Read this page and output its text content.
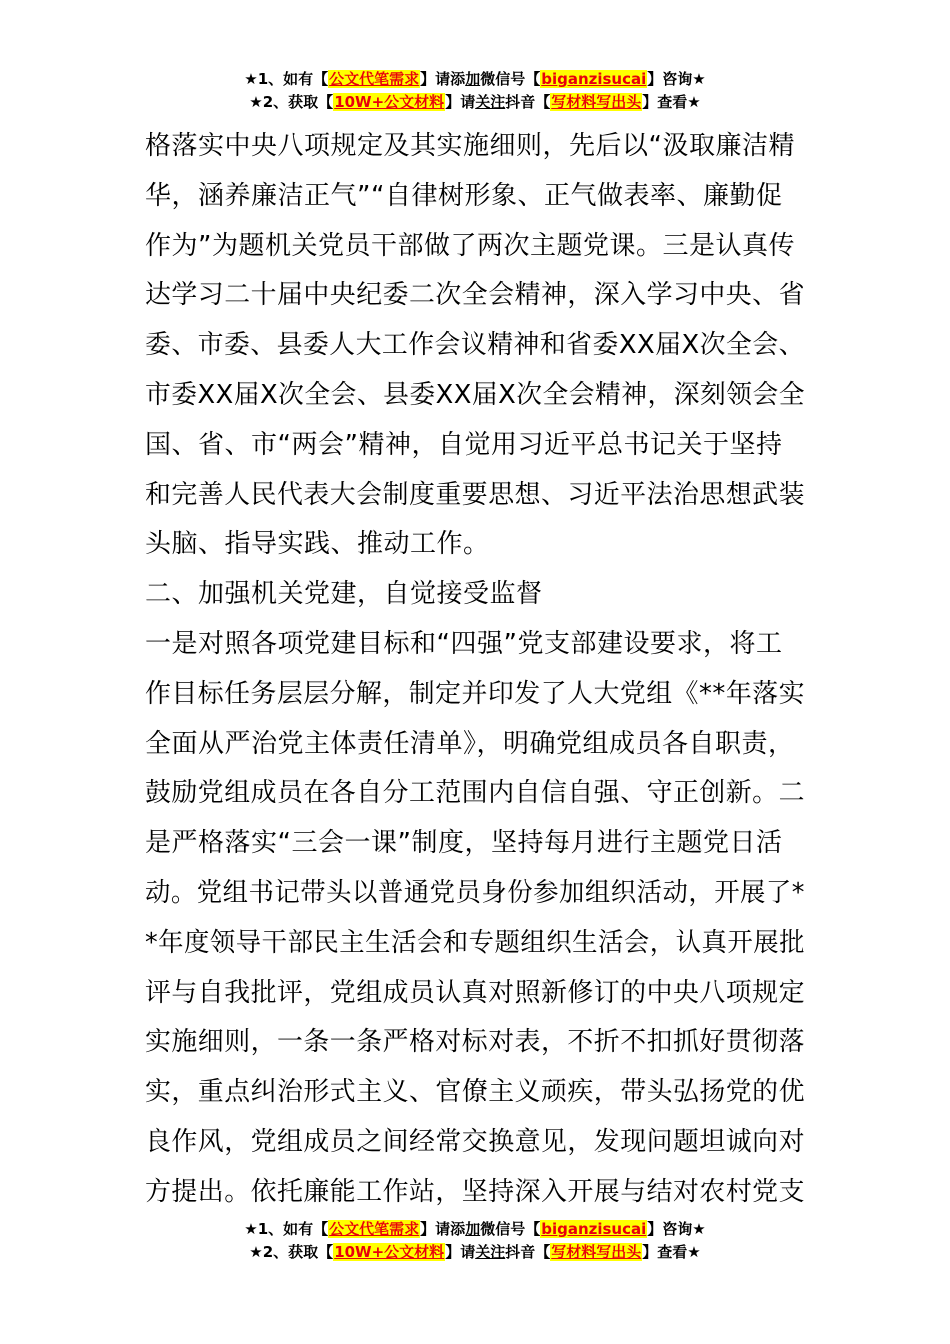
★1、如有【公文代笔需求】请添加微信号【biganzisucai】咨询★
★2、获取【10W+公文材料】请关注抖音【写材料写出头】查看★
格落实中央八项规定及其实施细则，先后以“汲取廉洁精
华，涵养廉洁正气”“自律树形象、正气做表率、廉勤促
作为”为题机关党员干部做了两次主题党课。三是认真传
达学习二十届中央纪委二次全会精神，深入学习中央、省
委、市委、县委人大工作会议精神和省委XX届X次全会、
市委XX届X次全会、县委XX届X次全会精神，深刻领会全
国、省、市“两会”精神，自觉用习近平总书记关于坚持
和完善人民代表大会制度重要思想、习近平法治思想武装
头脑、指导实践、推动工作。
二、加强机关党建，自觉接受监督
一是对照各项党建目标和“四强”党支部建设要求，将工
作目标任务层层分解，制定并印发了人大党组《**年落实
全面从严治党主体责任清单》，明确党组成员各自职责，
鼓励党组成员在各自分工范围内自信自强、守正创新。二
是严格落实“三会一课”制度，坚持每月进行主题党日活
动。党组书记带头以普通党员身份参加组织活动，开展了*
*年度领导干部民主生活会和专题组织生活会，认真开展批
评与自我批评，党组成员认真对照新修订的中央八项规定
实施细则，一条一条严格对标对表，不折不扣抓好贯彻落
实，重点纠治形式主义、官僚主义顽疾，带头弘扬党的优
良作风，党组成员之间经常交换意见，发现问题坦诚向对
方提出。依托廉能工作站，坚持深入开展与结对农村党支
★1、如有【公文代笔需求】请添加微信号【biganzisucai】咨询★
★2、获取【10W+公文材料】请关注抖音【写材料写出头】查看★
